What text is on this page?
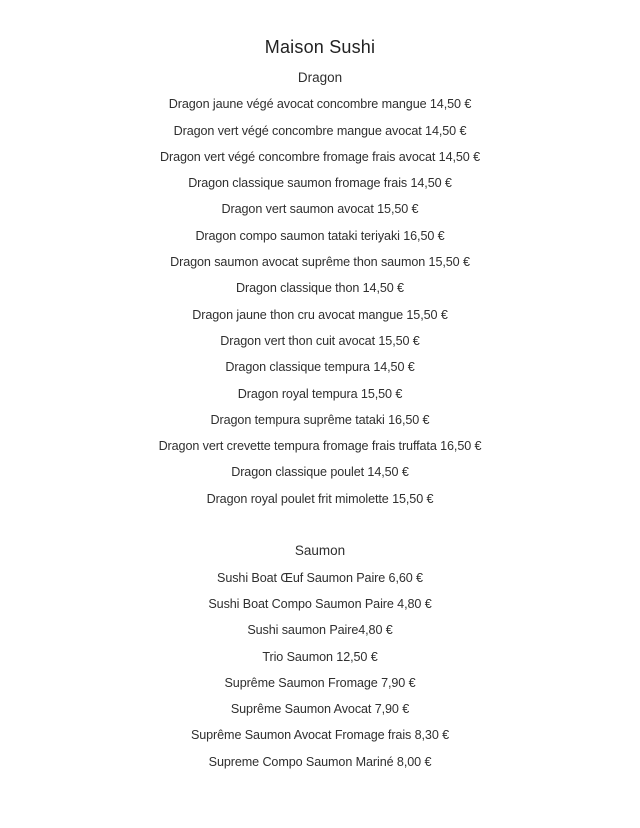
Maison Sushi
Dragon

Dragon jaune végé avocat concombre mangue 14,50 €

Dragon vert végé concombre mangue avocat 14,50 €

Dragon vert végé concombre fromage frais avocat 14,50 €

Dragon classique saumon fromage frais 14,50 €

Dragon vert saumon avocat 15,50 €

Dragon compo saumon tataki teriyaki 16,50 €

Dragon saumon avocat suprême thon saumon 15,50 €

Dragon classique thon 14,50 €

Dragon jaune thon cru avocat mangue 15,50 €

Dragon vert thon cuit avocat 15,50 €

Dragon classique tempura 14,50 €

Dragon royal tempura 15,50 €

Dragon tempura suprême tataki 16,50 €

Dragon vert crevette tempura fromage frais truffata 16,50 €

Dragon classique poulet 14,50 €

Dragon royal poulet frit mimolette 15,50 €

Saumon

Sushi Boat Œuf Saumon Paire 6,60 €

Sushi Boat Compo Saumon Paire 4,80 €

Sushi saumon Paire4,80 €

Trio Saumon 12,50 €

Suprême Saumon Fromage 7,90 €

Suprême Saumon Avocat 7,90 €

Suprême Saumon Avocat Fromage frais 8,30 €

Supreme Compo Saumon Mariné 8,00 €
